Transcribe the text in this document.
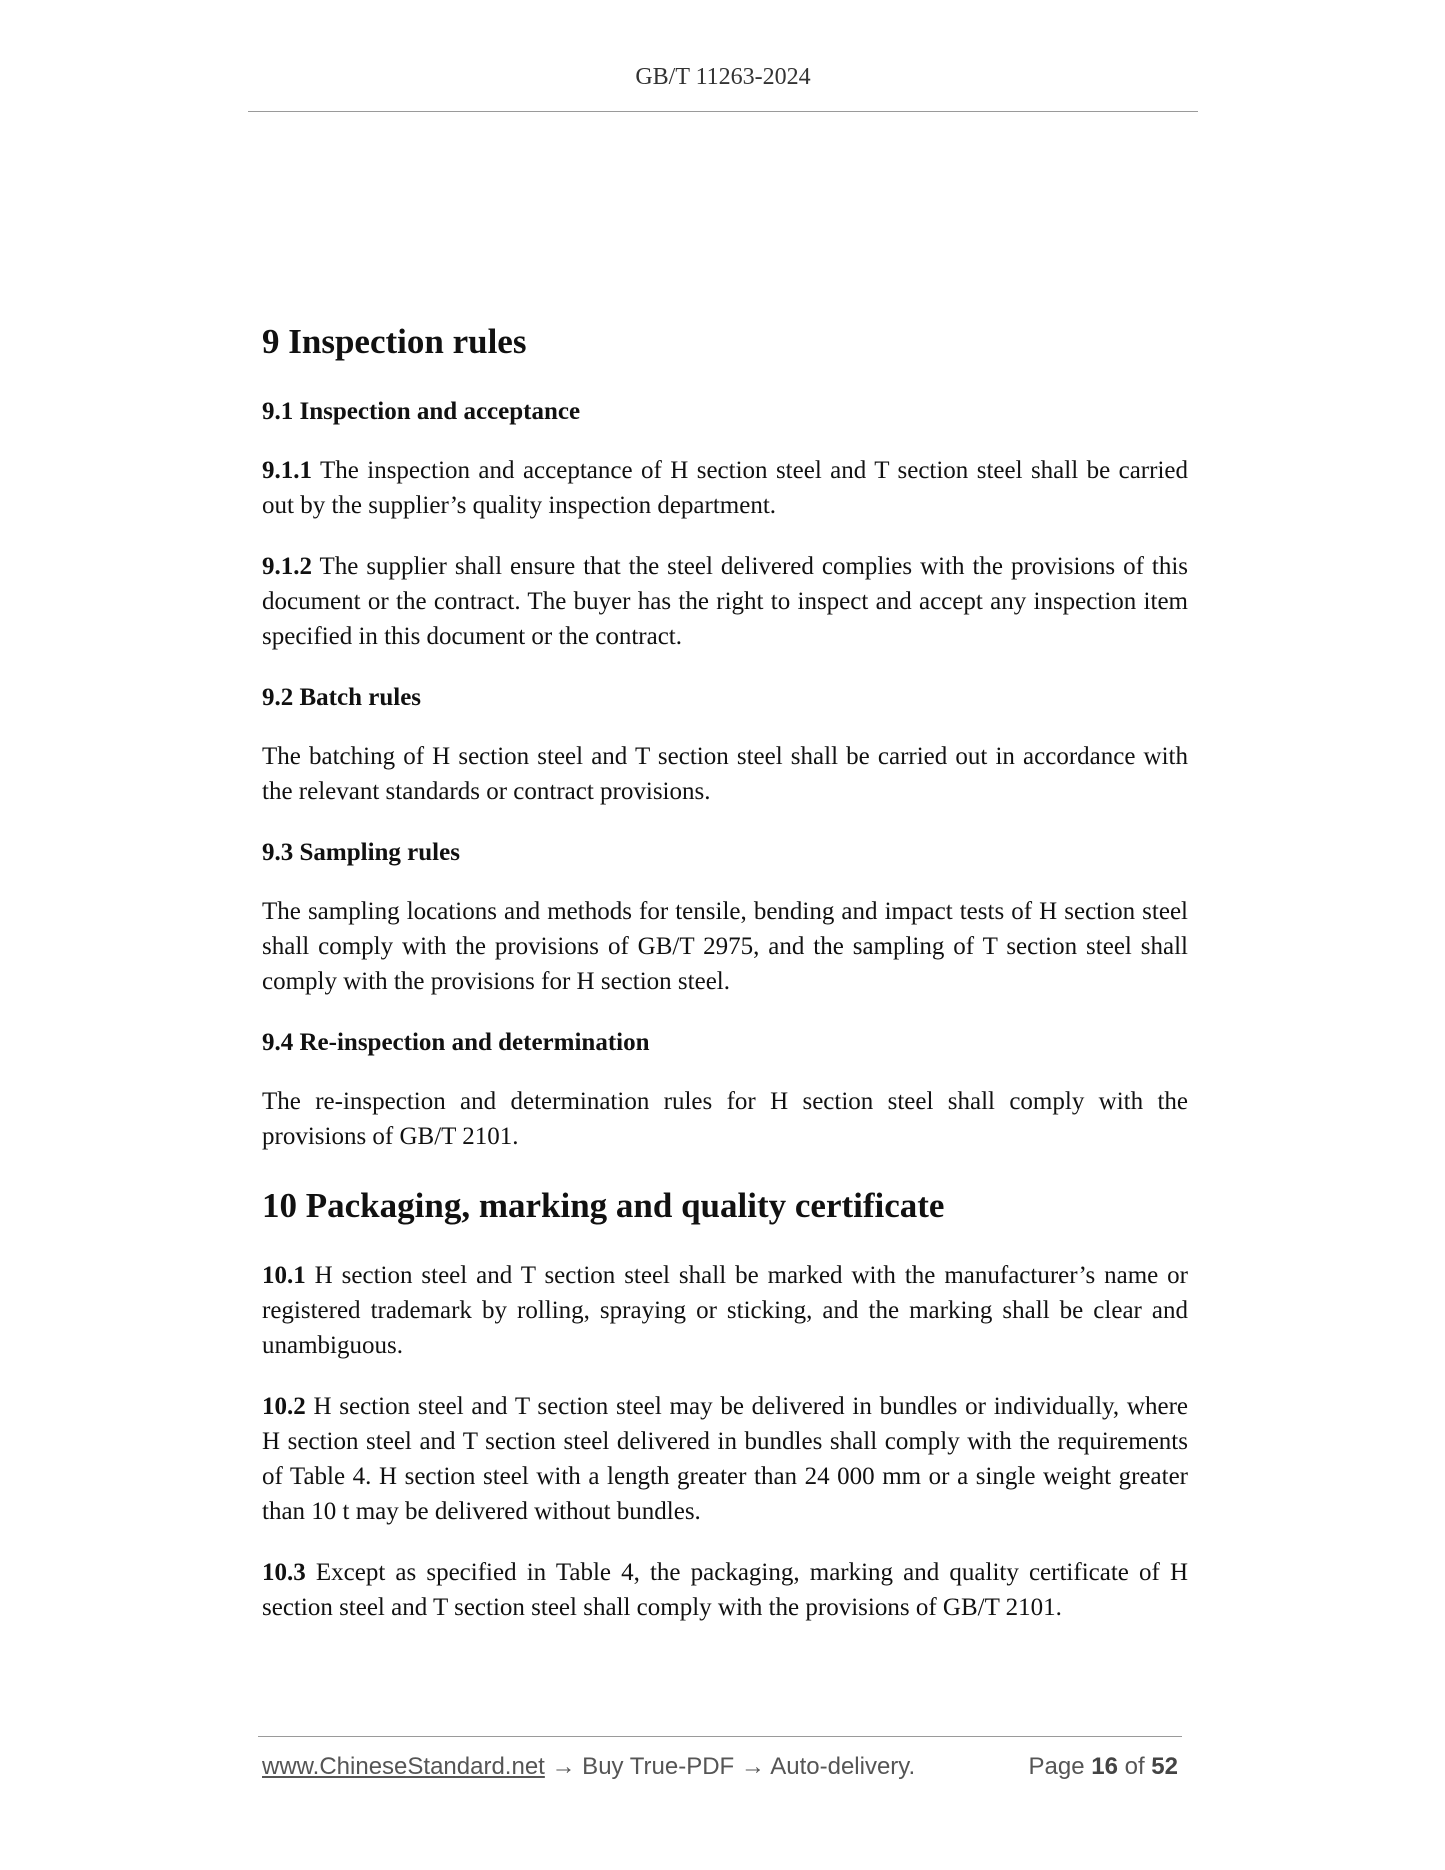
GB/T 11263-2024
9 Inspection rules
9.1 Inspection and acceptance

9.1.1 The inspection and acceptance of H section steel and T section steel shall be carried out by the supplier’s quality inspection department.

9.1.2 The supplier shall ensure that the steel delivered complies with the provisions of this document or the contract. The buyer has the right to inspect and accept any inspection item specified in this document or the contract.

9.2 Batch rules

The batching of H section steel and T section steel shall be carried out in accordance with the relevant standards or contract provisions.

9.3 Sampling rules

The sampling locations and methods for tensile, bending and impact tests of H section steel shall comply with the provisions of GB/T 2975, and the sampling of T section steel shall comply with the provisions for H section steel.

9.4 Re-inspection and determination

The re-inspection and determination rules for H section steel shall comply with the provisions of GB/T 2101.

10 Packaging, marking and quality certificate

10.1 H section steel and T section steel shall be marked with the manufacturer’s name or registered trademark by rolling, spraying or sticking, and the marking shall be clear and unambiguous.

10.2 H section steel and T section steel may be delivered in bundles or individually, where H section steel and T section steel delivered in bundles shall comply with the requirements of Table 4. H section steel with a length greater than 24 000 mm or a single weight greater than 10 t may be delivered without bundles.

10.3 Except as specified in Table 4, the packaging, marking and quality certificate of H section steel and T section steel shall comply with the provisions of GB/T 2101.

www.ChineseStandard.net → Buy True-PDF → Auto-delivery.	Page 16 of 52
